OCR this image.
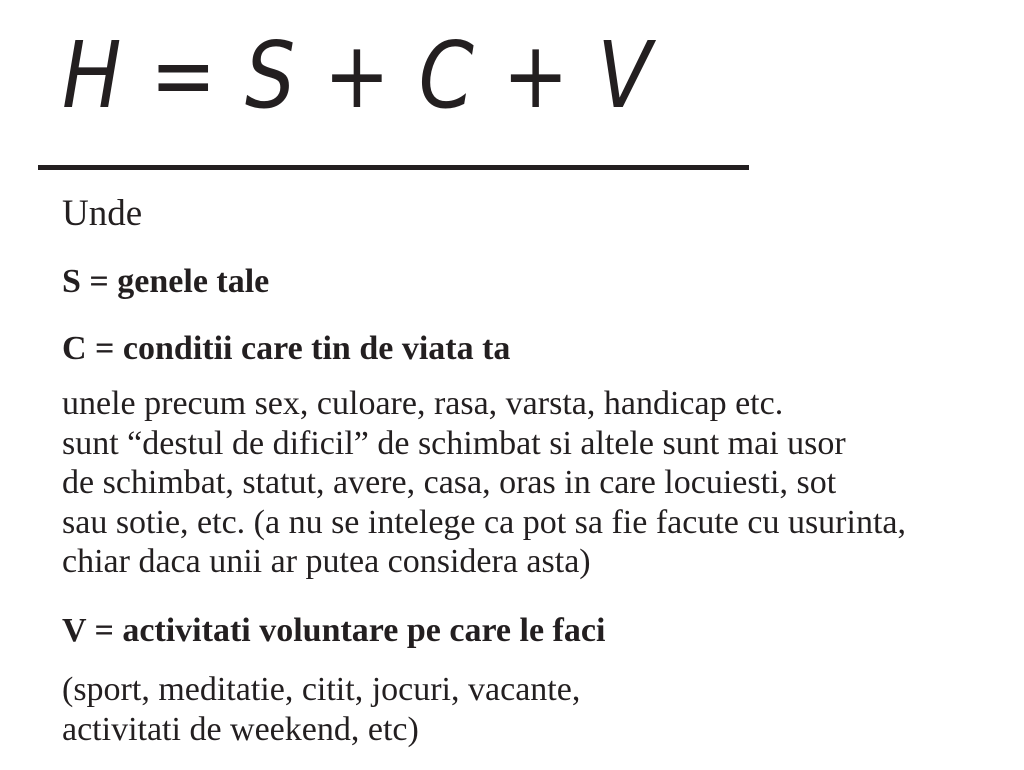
H = S + C + V

Unde

S = genele tale

C = conditii care tin de viata ta

unele precum sex, culoare, rasa, varsta, handicap etc.
sunt “destul de dificil” de schimbat si altele sunt mai usor
de schimbat, statut, avere, casa, oras in care locuiesti, sot
sau sotie, etc. (a nu se intelege ca pot sa fie facute cu usurinta,
chiar daca unii ar putea considera asta)

V = activitati voluntare pe care le faci

(sport, meditatie, citit, jocuri, vacante,
activitati de weekend, etc)
